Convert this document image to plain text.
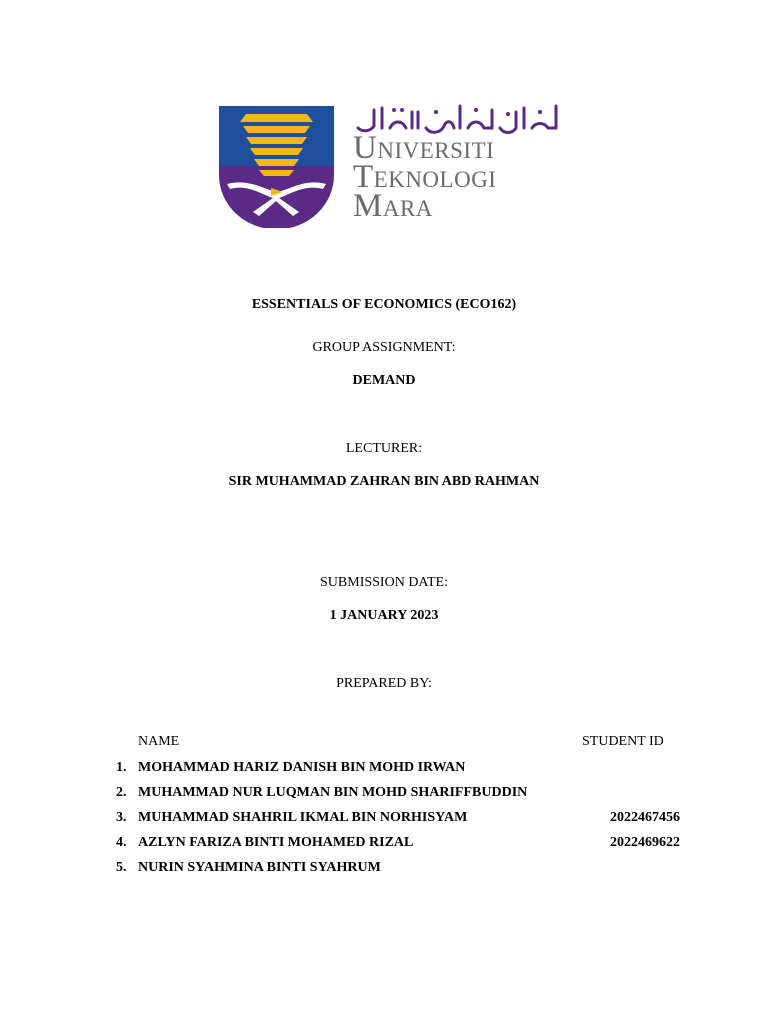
Universiti
Teknologi
Mara
ESSENTIALS OF ECONOMICS (ECO162)
GROUP ASSIGNMENT:
DEMAND
LECTURER:
SIR MUHAMMAD ZAHRAN BIN ABD RAHMAN
SUBMISSION DATE:
1 JANUARY 2023
PREPARED BY:
NAME	STUDENT ID
1. MOHAMMAD HARIZ DANISH BIN MOHD IRWAN
2. MUHAMMAD NUR LUQMAN BIN MOHD SHARIFFBUDDIN
3. MUHAMMAD SHAHRIL IKMAL BIN NORHISYAM	2022467456
4. AZLYN FARIZA BINTI MOHAMED RIZAL	2022469622
5. NURIN SYAHMINA BINTI SYAHRUM
